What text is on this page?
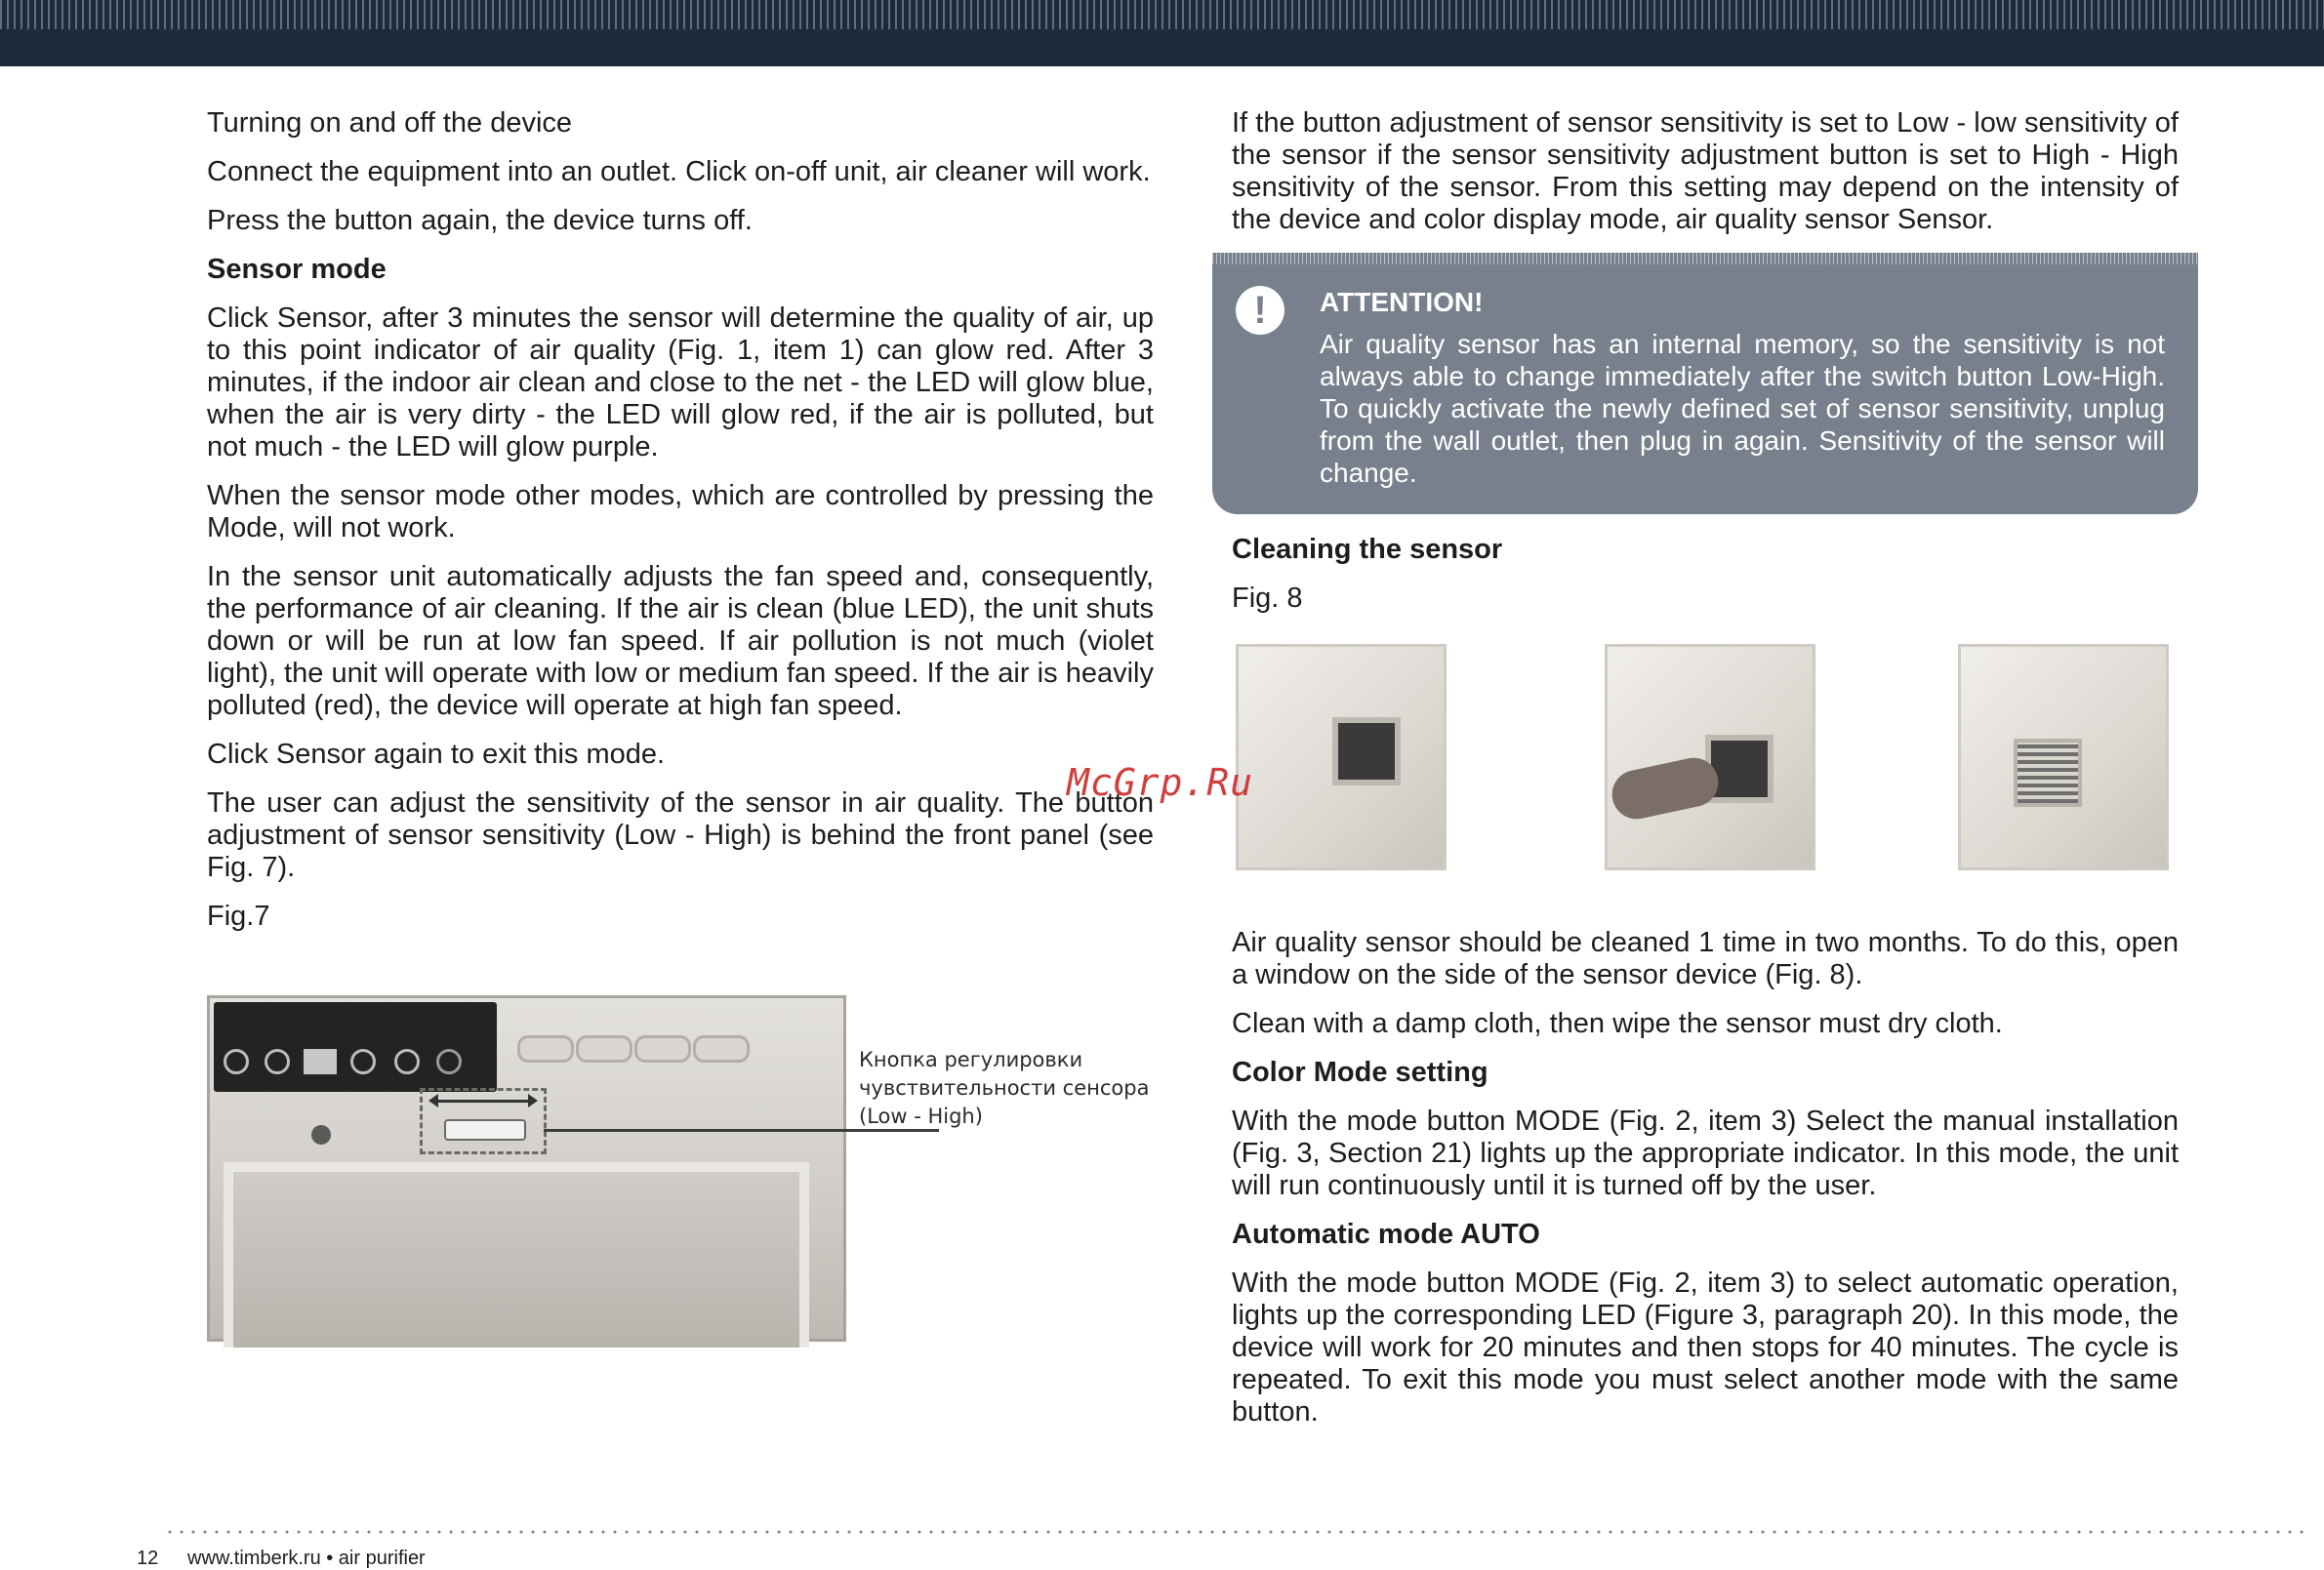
Turning on and off the device

Connect the equipment into an outlet. Click on-off unit, air cleaner will work.

Press the button again, the device turns off.

Sensor mode

Click Sensor, after 3 minutes the sensor will determine the quality of air, up to this point indicator of air quality (Fig. 1, item 1) can glow red. After 3 minutes, if the indoor air clean and close to the net - the LED will glow blue, when the air is very dirty - the LED will glow red, if the air is polluted, but not much - the LED will glow purple.

When the sensor mode other modes, which are controlled by pressing the Mode, will not work.

In the sensor unit automatically adjusts the fan speed and, consequently, the performance of air cleaning. If the air is clean (blue LED), the unit shuts down or will be run at low fan speed. If air pollution is not much (violet light), the unit will operate with low or medium fan speed. If the air is heavily polluted (red), the device will operate at high fan speed.

Click Sensor again to exit this mode.

The user can adjust the sensitivity of the sensor in air quality. The button adjustment of sensor sensitivity (Low - High) is behind the front panel (see Fig. 7).

Fig.7

Кнопка регулировки чувствительности сенсора (Low - High)

If the button adjustment of sensor sensitivity is set to Low - low sensitivity of the sensor if the sensor sensitivity adjustment button is set to High - High sensitivity of the sensor. From this setting may depend on the intensity of the device and color display mode, air quality sensor Sensor.

!	ATTENTION!
Air quality sensor has an internal memory, so the sensitivity is not always able to change immediately after the switch button Low-High. To quickly activate the newly defined set of sensor sensitivity, unplug from the wall outlet, then plug in again. Sensitivity of the sensor will change.

Cleaning the sensor

Fig. 8

Air quality sensor should be cleaned 1 time in two months. To do this, open a window on the side of the sensor device (Fig. 8).

Clean with a damp cloth, then wipe the sensor must dry cloth.

Color Mode setting

With the mode button MODE (Fig. 2, item 3) Select the manual installation (Fig. 3, Section 21) lights up the appropriate indicator. In this mode, the unit will run continuously until it is turned off by the user.

Automatic mode AUTO

With the mode button MODE (Fig. 2, item 3) to select automatic operation, lights up the corresponding LED (Figure 3, paragraph 20). In this mode, the device will work for 20 minutes and then stops for 40 minutes. The cycle is repeated. To exit this mode you must select another mode with the same button.

McGrp.Ru
12 www.timberk.ru • air purifier
